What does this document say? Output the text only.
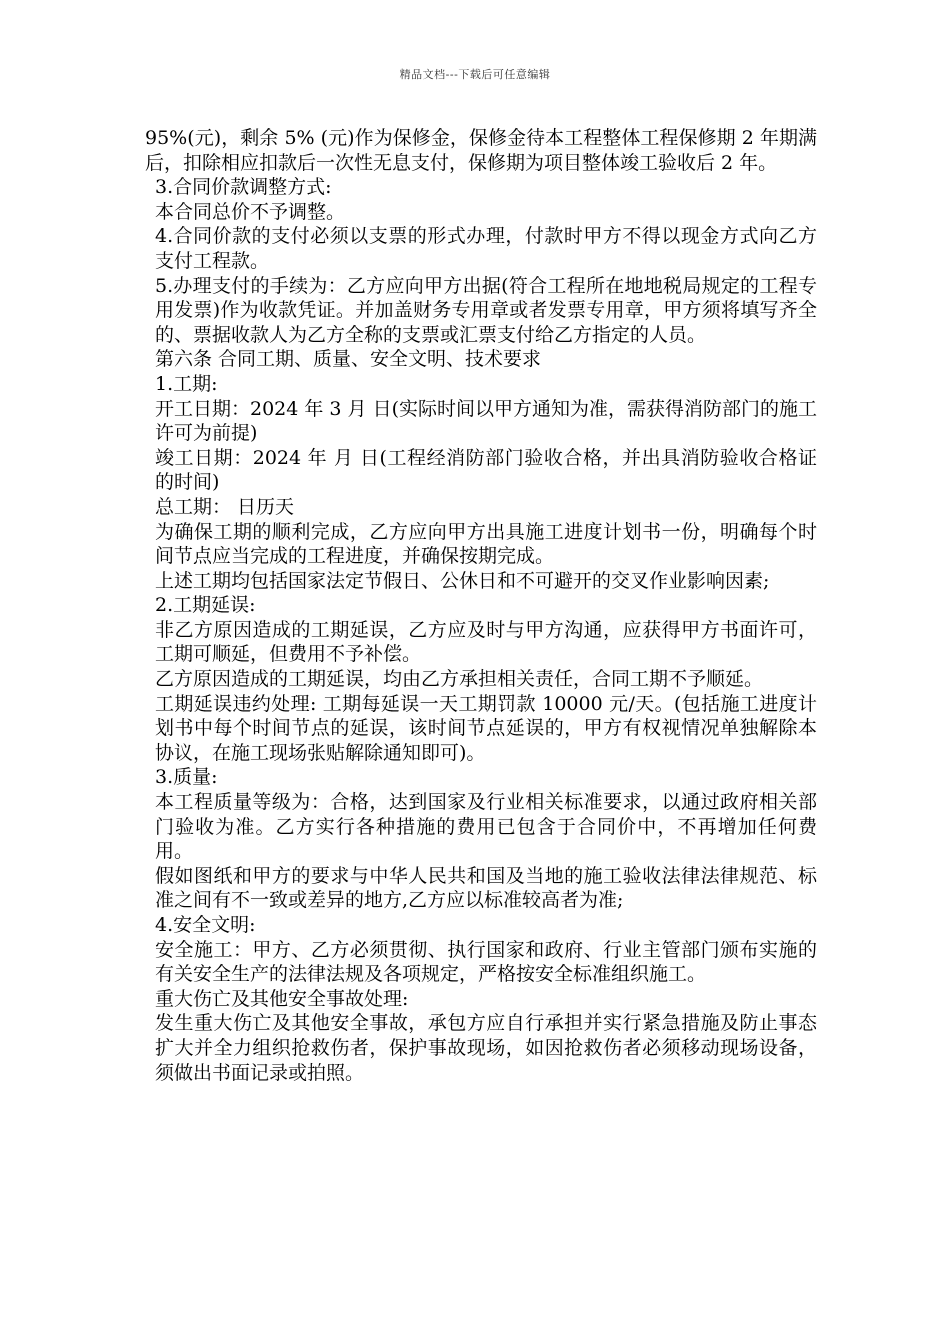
精品文档---下载后可任意编辑

95%(元)，剩余 5% (元)作为保修金，保修金待本工程整体工程保修期 2 年期满后，扣除相应扣款后一次性无息支付，保修期为项目整体竣工验收后 2 年。

3.合同价款调整方式:

本合同总价不予调整。

4.合同价款的支付必须以支票的形式办理，付款时甲方不得以现金方式向乙方支付工程款。

5.办理支付的手续为：乙方应向甲方出据(符合工程所在地地税局规定的工程专用发票)作为收款凭证。并加盖财务专用章或者发票专用章，甲方须将填写齐全的、票据收款人为乙方全称的支票或汇票支付给乙方指定的人员。

第六条 合同工期、质量、安全文明、技术要求

1.工期:

开工日期：2024 年 3 月 日(实际时间以甲方通知为准，需获得消防部门的施工许可为前提)

竣工日期：2024 年 月 日(工程经消防部门验收合格，并出具消防验收合格证的时间)

总工期： 日历天

为确保工期的顺利完成，乙方应向甲方出具施工进度计划书一份，明确每个时间节点应当完成的工程进度，并确保按期完成。

上述工期均包括国家法定节假日、公休日和不可避开的交叉作业影响因素;

2.工期延误:

非乙方原因造成的工期延误，乙方应及时与甲方沟通，应获得甲方书面许可，工期可顺延，但费用不予补偿。

乙方原因造成的工期延误，均由乙方承担相关责任，合同工期不予顺延。

工期延误违约处理: 工期每延误一天工期罚款 10000 元/天。(包括施工进度计划书中每个时间节点的延误，该时间节点延误的，甲方有权视情况单独解除本协议，在施工现场张贴解除通知即可)。

3.质量:

本工程质量等级为：合格，达到国家及行业相关标准要求，以通过政府相关部门验收为准。乙方实行各种措施的费用已包含于合同价中，不再增加任何费用。

假如图纸和甲方的要求与中华人民共和国及当地的施工验收法律法律规范、标准之间有不一致或差异的地方,乙方应以标准较高者为准;

4.安全文明:

安全施工：甲方、乙方必须贯彻、执行国家和政府、行业主管部门颁布实施的有关安全生产的法律法规及各项规定，严格按安全标准组织施工。

重大伤亡及其他安全事故处理:

发生重大伤亡及其他安全事故，承包方应自行承担并实行紧急措施及防止事态扩大并全力组织抢救伤者，保护事故现场，如因抢救伤者必须移动现场设备，须做出书面记录或拍照。
